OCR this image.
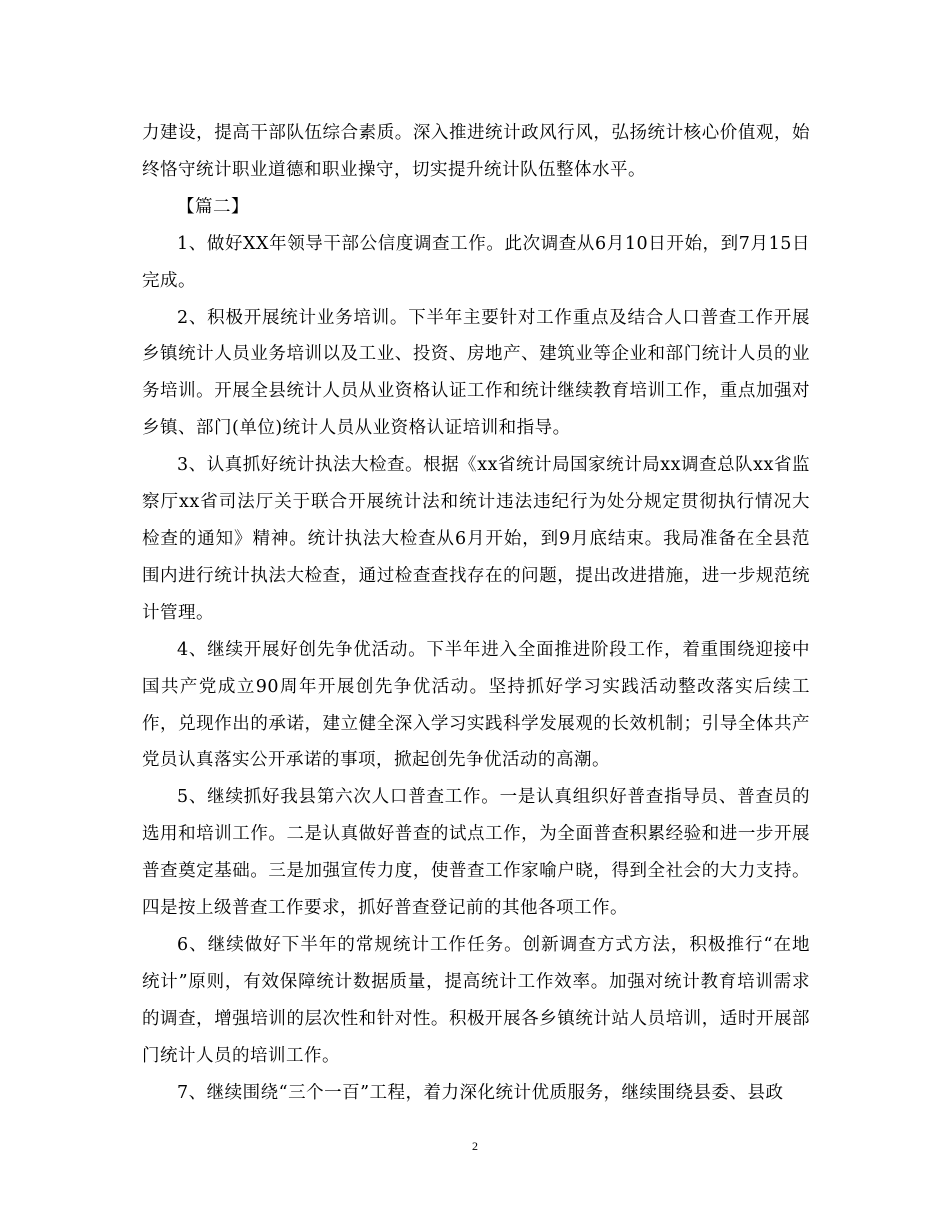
力建设，提高干部队伍综合素质。深入推进统计政风行风，弘扬统计核心价值观，始终恪守统计职业道德和职业操守，切实提升统计队伍整体水平。

【篇二】

1、做好XX年领导干部公信度调查工作。此次调查从6月10日开始，到7月15日完成。

2、积极开展统计业务培训。下半年主要针对工作重点及结合人口普查工作开展乡镇统计人员业务培训以及工业、投资、房地产、建筑业等企业和部门统计人员的业务培训。开展全县统计人员从业资格认证工作和统计继续教育培训工作，重点加强对乡镇、部门(单位)统计人员从业资格认证培训和指导。

3、认真抓好统计执法大检查。根据《xx省统计局国家统计局xx调查总队xx省监察厅xx省司法厅关于联合开展统计法和统计违法违纪行为处分规定贯彻执行情况大检查的通知》精神。统计执法大检查从6月开始，到9月底结束。我局准备在全县范围内进行统计执法大检查，通过检查查找存在的问题，提出改进措施，进一步规范统计管理。

4、继续开展好创先争优活动。下半年进入全面推进阶段工作，着重围绕迎接中国共产党成立90周年开展创先争优活动。坚持抓好学习实践活动整改落实后续工作，兑现作出的承诺，建立健全深入学习实践科学发展观的长效机制；引导全体共产党员认真落实公开承诺的事项，掀起创先争优活动的高潮。

5、继续抓好我县第六次人口普查工作。一是认真组织好普查指导员、普查员的选用和培训工作。二是认真做好普查的试点工作，为全面普查积累经验和进一步开展普查奠定基础。三是加强宣传力度，使普查工作家喻户晓，得到全社会的大力支持。四是按上级普查工作要求，抓好普查登记前的其他各项工作。

6、继续做好下半年的常规统计工作任务。创新调查方式方法，积极推行“在地统计”原则，有效保障统计数据质量，提高统计工作效率。加强对统计教育培训需求的调查，增强培训的层次性和针对性。积极开展各乡镇统计站人员培训，适时开展部门统计人员的培训工作。

7、继续围绕“三个一百”工程，着力深化统计优质服务，继续围绕县委、县政

2
